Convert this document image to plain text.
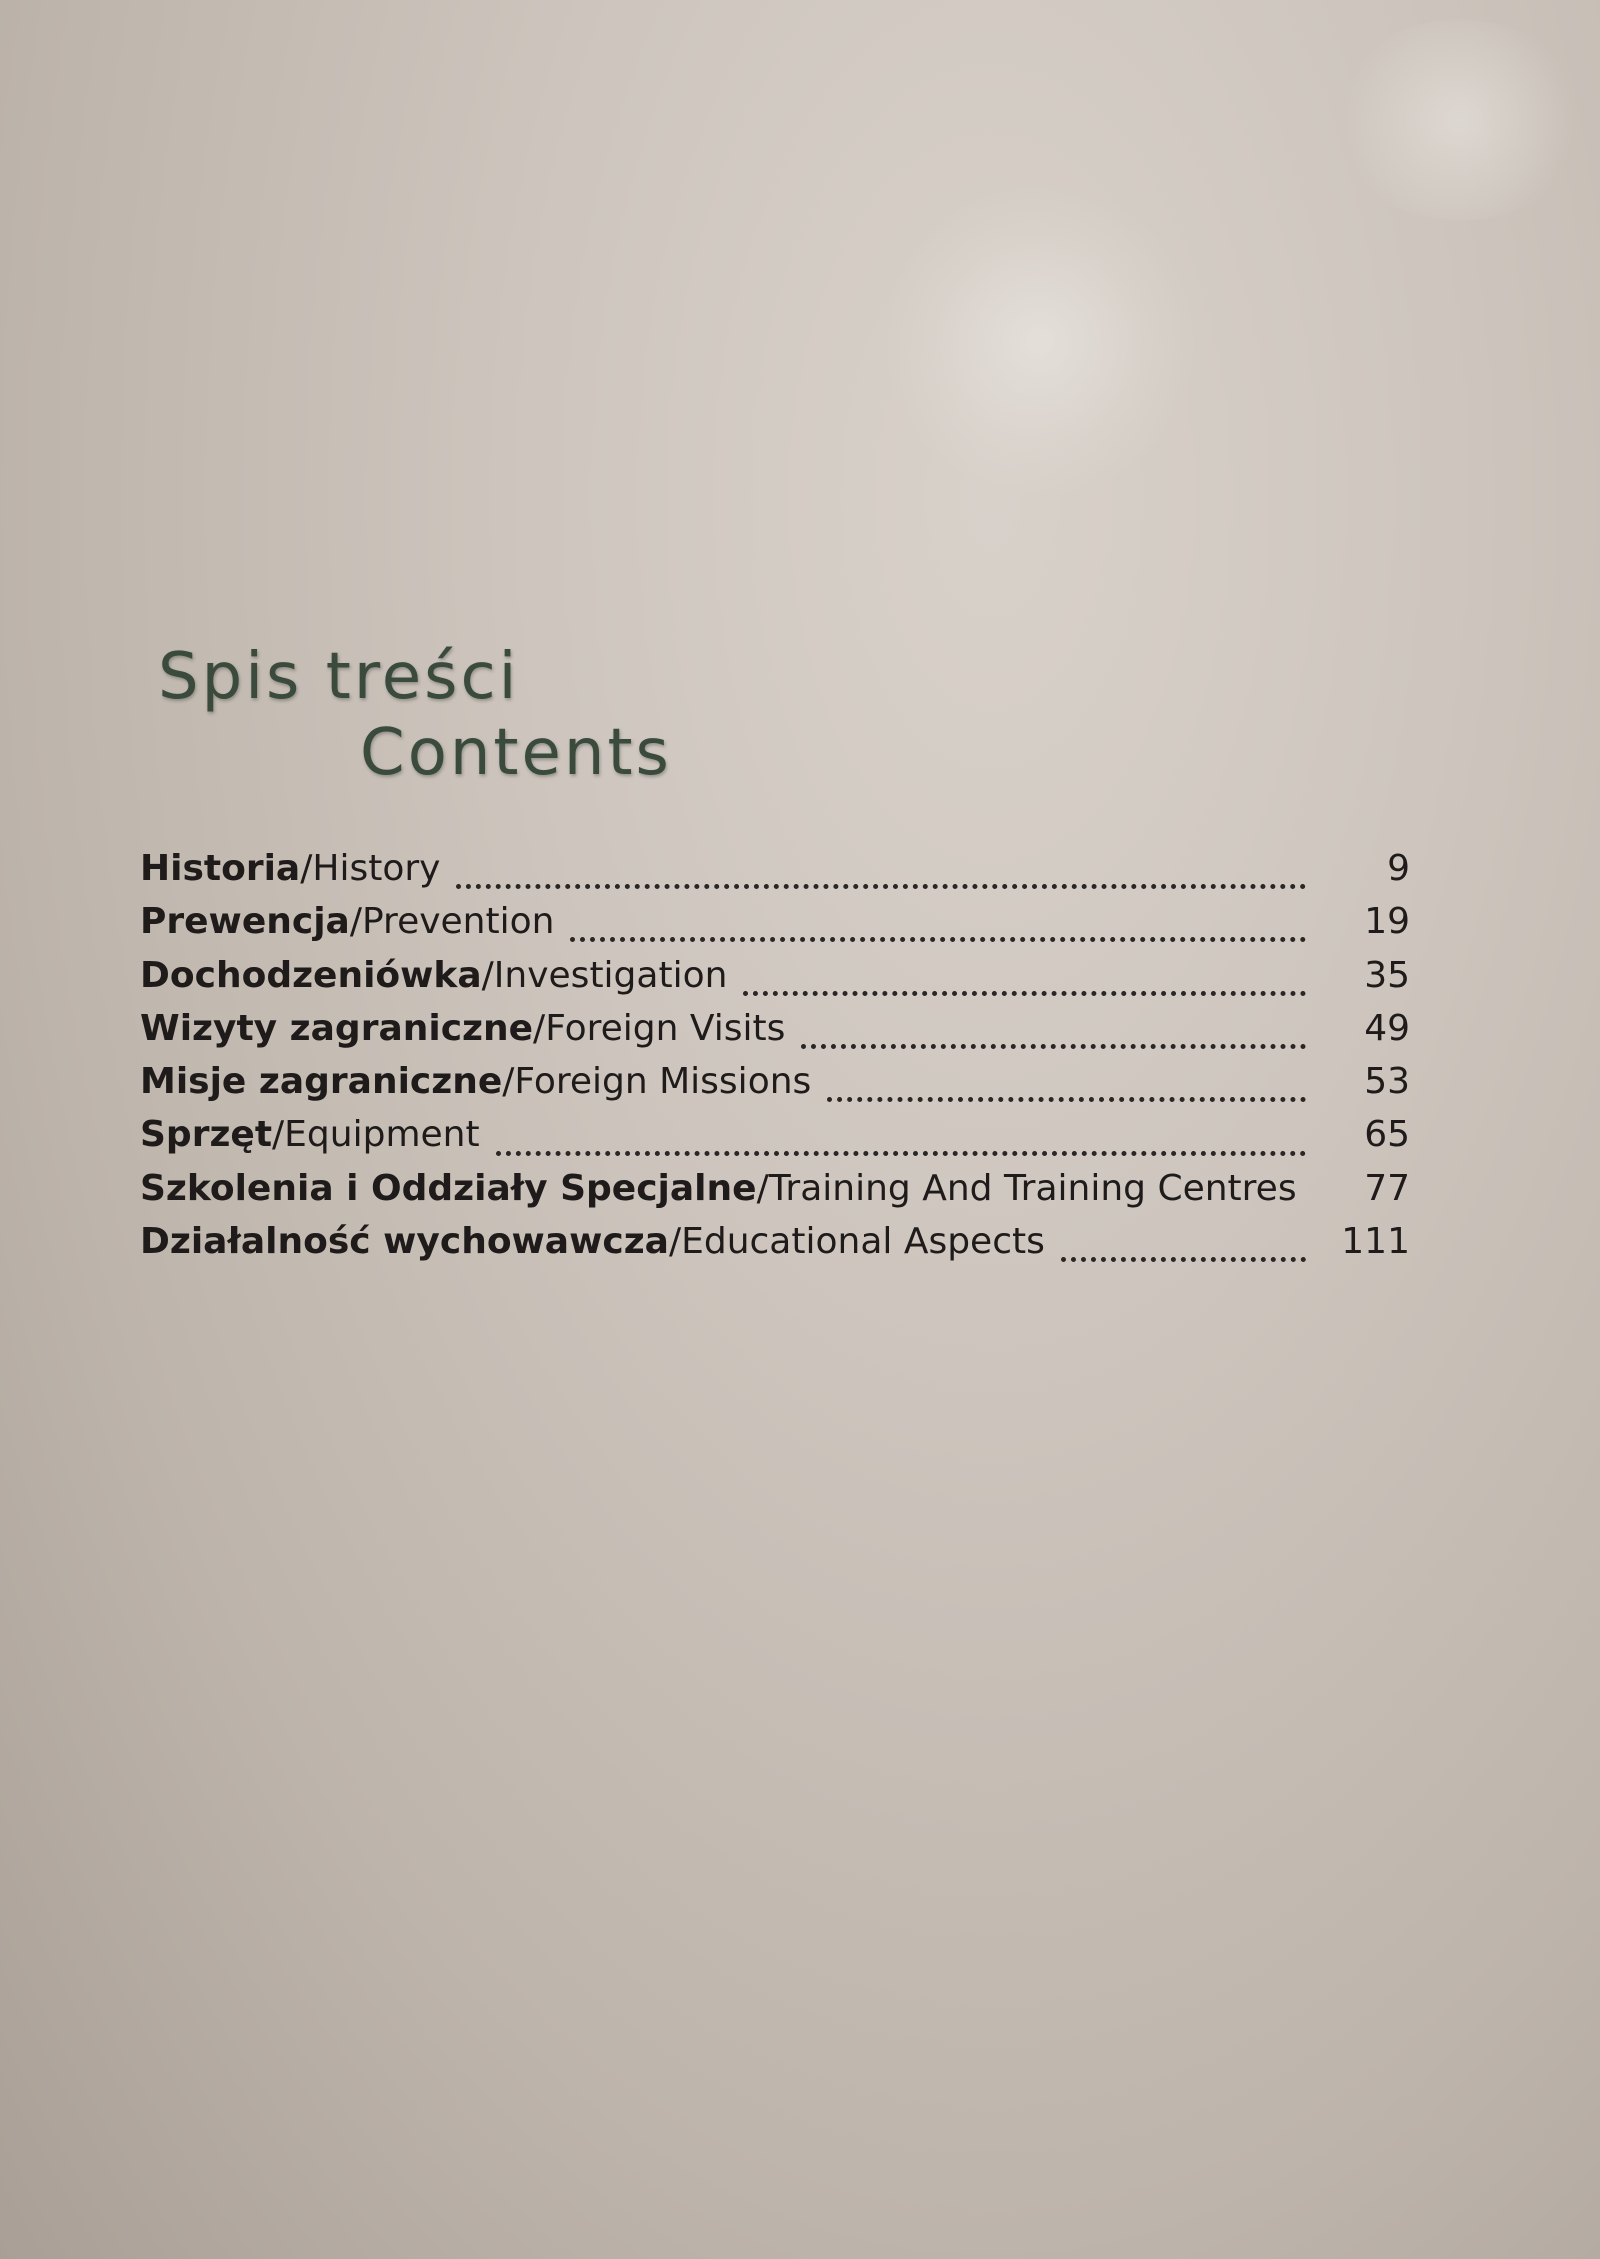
Spis treści
Contents
Historia / History	9
Prewencja / Prevention	19
Dochodzeniówka / Investigation	35
Wizyty zagraniczne / Foreign Visits	49
Misje zagraniczne / Foreign Missions	53
Sprzęt / Equipment	65
Szkolenia i Oddziały Specjalne / Training And Training Centres	77
Działalność wychowawcza / Educational Aspects	111
